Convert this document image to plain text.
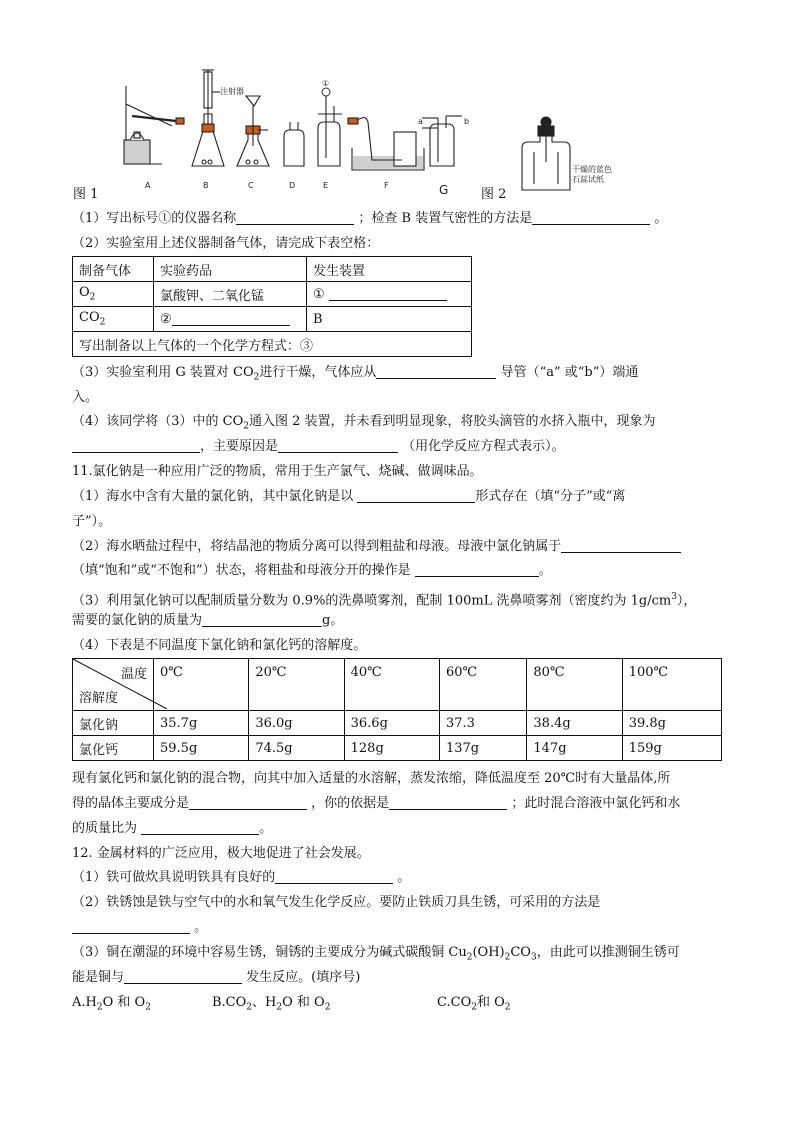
A	B	C	D	E	F	G
注射器
①
a	b
干燥的蓝色
石蕊试纸
图 1	图 2
（1）写出标号①的仪器名称	；检查 B 装置气密性的方法是	。
（2）实验室用上述仪器制备气体，请完成下表空格：
制备气体	实验药品	发生装置
$O_2$	氯酸钾、二氧化锰	①
$CO_2$	②	B
写出制备以上气体的一个化学方程式：③		
（3）实验室利用 G 装置对 $CO_2$进行干燥，气体应从	导管（“a” 或“b”）端通
入。
（4）该同学将（3）中的 $CO_2$通入图 2 装置，并未看到明显现象，将胶头滴管的水挤入瓶中，现象为
，主要原因是	（用化学反应方程式表示）。
11.氯化钠是一种应用广泛的物质，常用于生产氯气、烧碱、做调味品。
（1）海水中含有大量的氯化钠，其中氯化钠是以	形式存在（填“分子”或“离
子”）。
（2）海水晒盐过程中，将结晶池的物质分离可以得到粗盐和母液。母液中氯化钠属于
（填“饱和”或“不饱和”）状态，将粗盐和母液分开的操作是	。
（3）利用氯化钠可以配制质量分数为 0.9%的洗鼻喷雾剂，配制 100mL 洗鼻喷雾剂（密度约为 $1g/cm^3$），
需要的氯化钠的质量为	g。
（4）下表是不同温度下氯化钠和氯化钙的溶解度。
温度
溶解度	0℃	20℃	40℃	60℃	80℃	100℃
氯化钠	35.7g	36.0g	36.6g	37.3	38.4g	39.8g
氯化钙	59.5g	74.5g	128g	137g	147g	159g
现有氯化钙和氯化钠的混合物，向其中加入适量的水溶解，蒸发浓缩，降低温度至 20℃时有大量晶体,所
得的晶体主要成分是	，你的依据是	；此时混合溶液中氯化钙和水
的质量比为	。
12. 金属材料的广泛应用，极大地促进了社会发展。
（1）铁可做炊具说明铁具有良好的	。
（2）铁锈蚀是铁与空气中的水和氧气发生化学反应。要防止铁质刀具生锈，可采用的方法是
。
（3）铜在潮湿的环境中容易生锈，铜锈的主要成分为碱式碳酸铜 $Cu_2(OH)_2CO_3$，由此可以推测铜生锈可
能是铜与	发生反应。(填序号)
$A.H_2O$ 和 $O_2$	$B.CO_2$、$H_2O$ 和 $O_2$	$C.CO_2$和 $O_2$
